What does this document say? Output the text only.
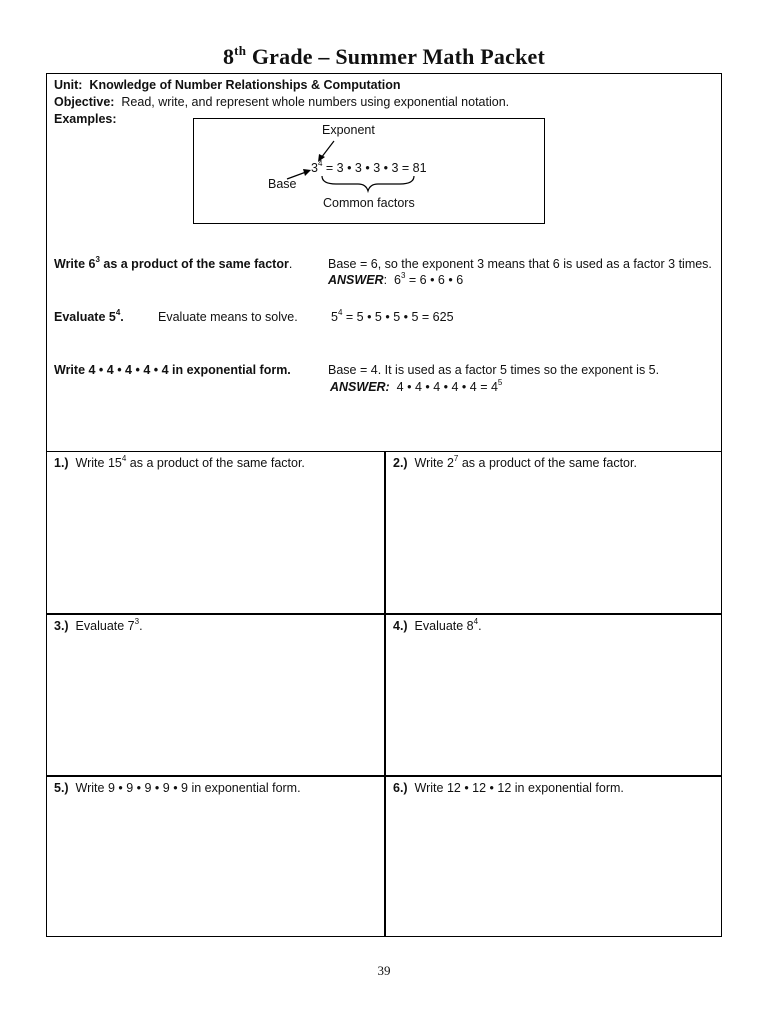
8th Grade – Summer Math Packet
Unit: Knowledge of Number Relationships & Computation
Objective: Read, write, and represent whole numbers using exponential notation.
Examples:
Exponent
$3^4 = 3$ • 3 • 3 • 3 = 81
Base
Common factors
Write $6^3$ as a product of the same factor.	Base = 6, so the exponent 3 means that 6 is used as a factor 3 times.
ANSWER: $6^3 = 6$ • 6 • 6
Evaluate $5^4$.	Evaluate means to solve.	$5^4 = 5$ • 5 • 5 • 5 = 625
Write 4 • 4 • 4 • 4 • 4 in exponential form.	Base = 4. It is used as a factor 5 times so the exponent is 5.
ANSWER: 4 • 4 • 4 • 4 • $4 = 4^5$
1.) Write $15^4$ as a product of the same factor.	2.) Write $2^7$ as a product of the same factor.
3.) Evaluate $7^3$.	4.) Evaluate $8^4$.
5.) Write 9 • 9 • 9 • 9 • 9 in exponential form.	6.) Write 12 • 12 • 12 in exponential form.
39
